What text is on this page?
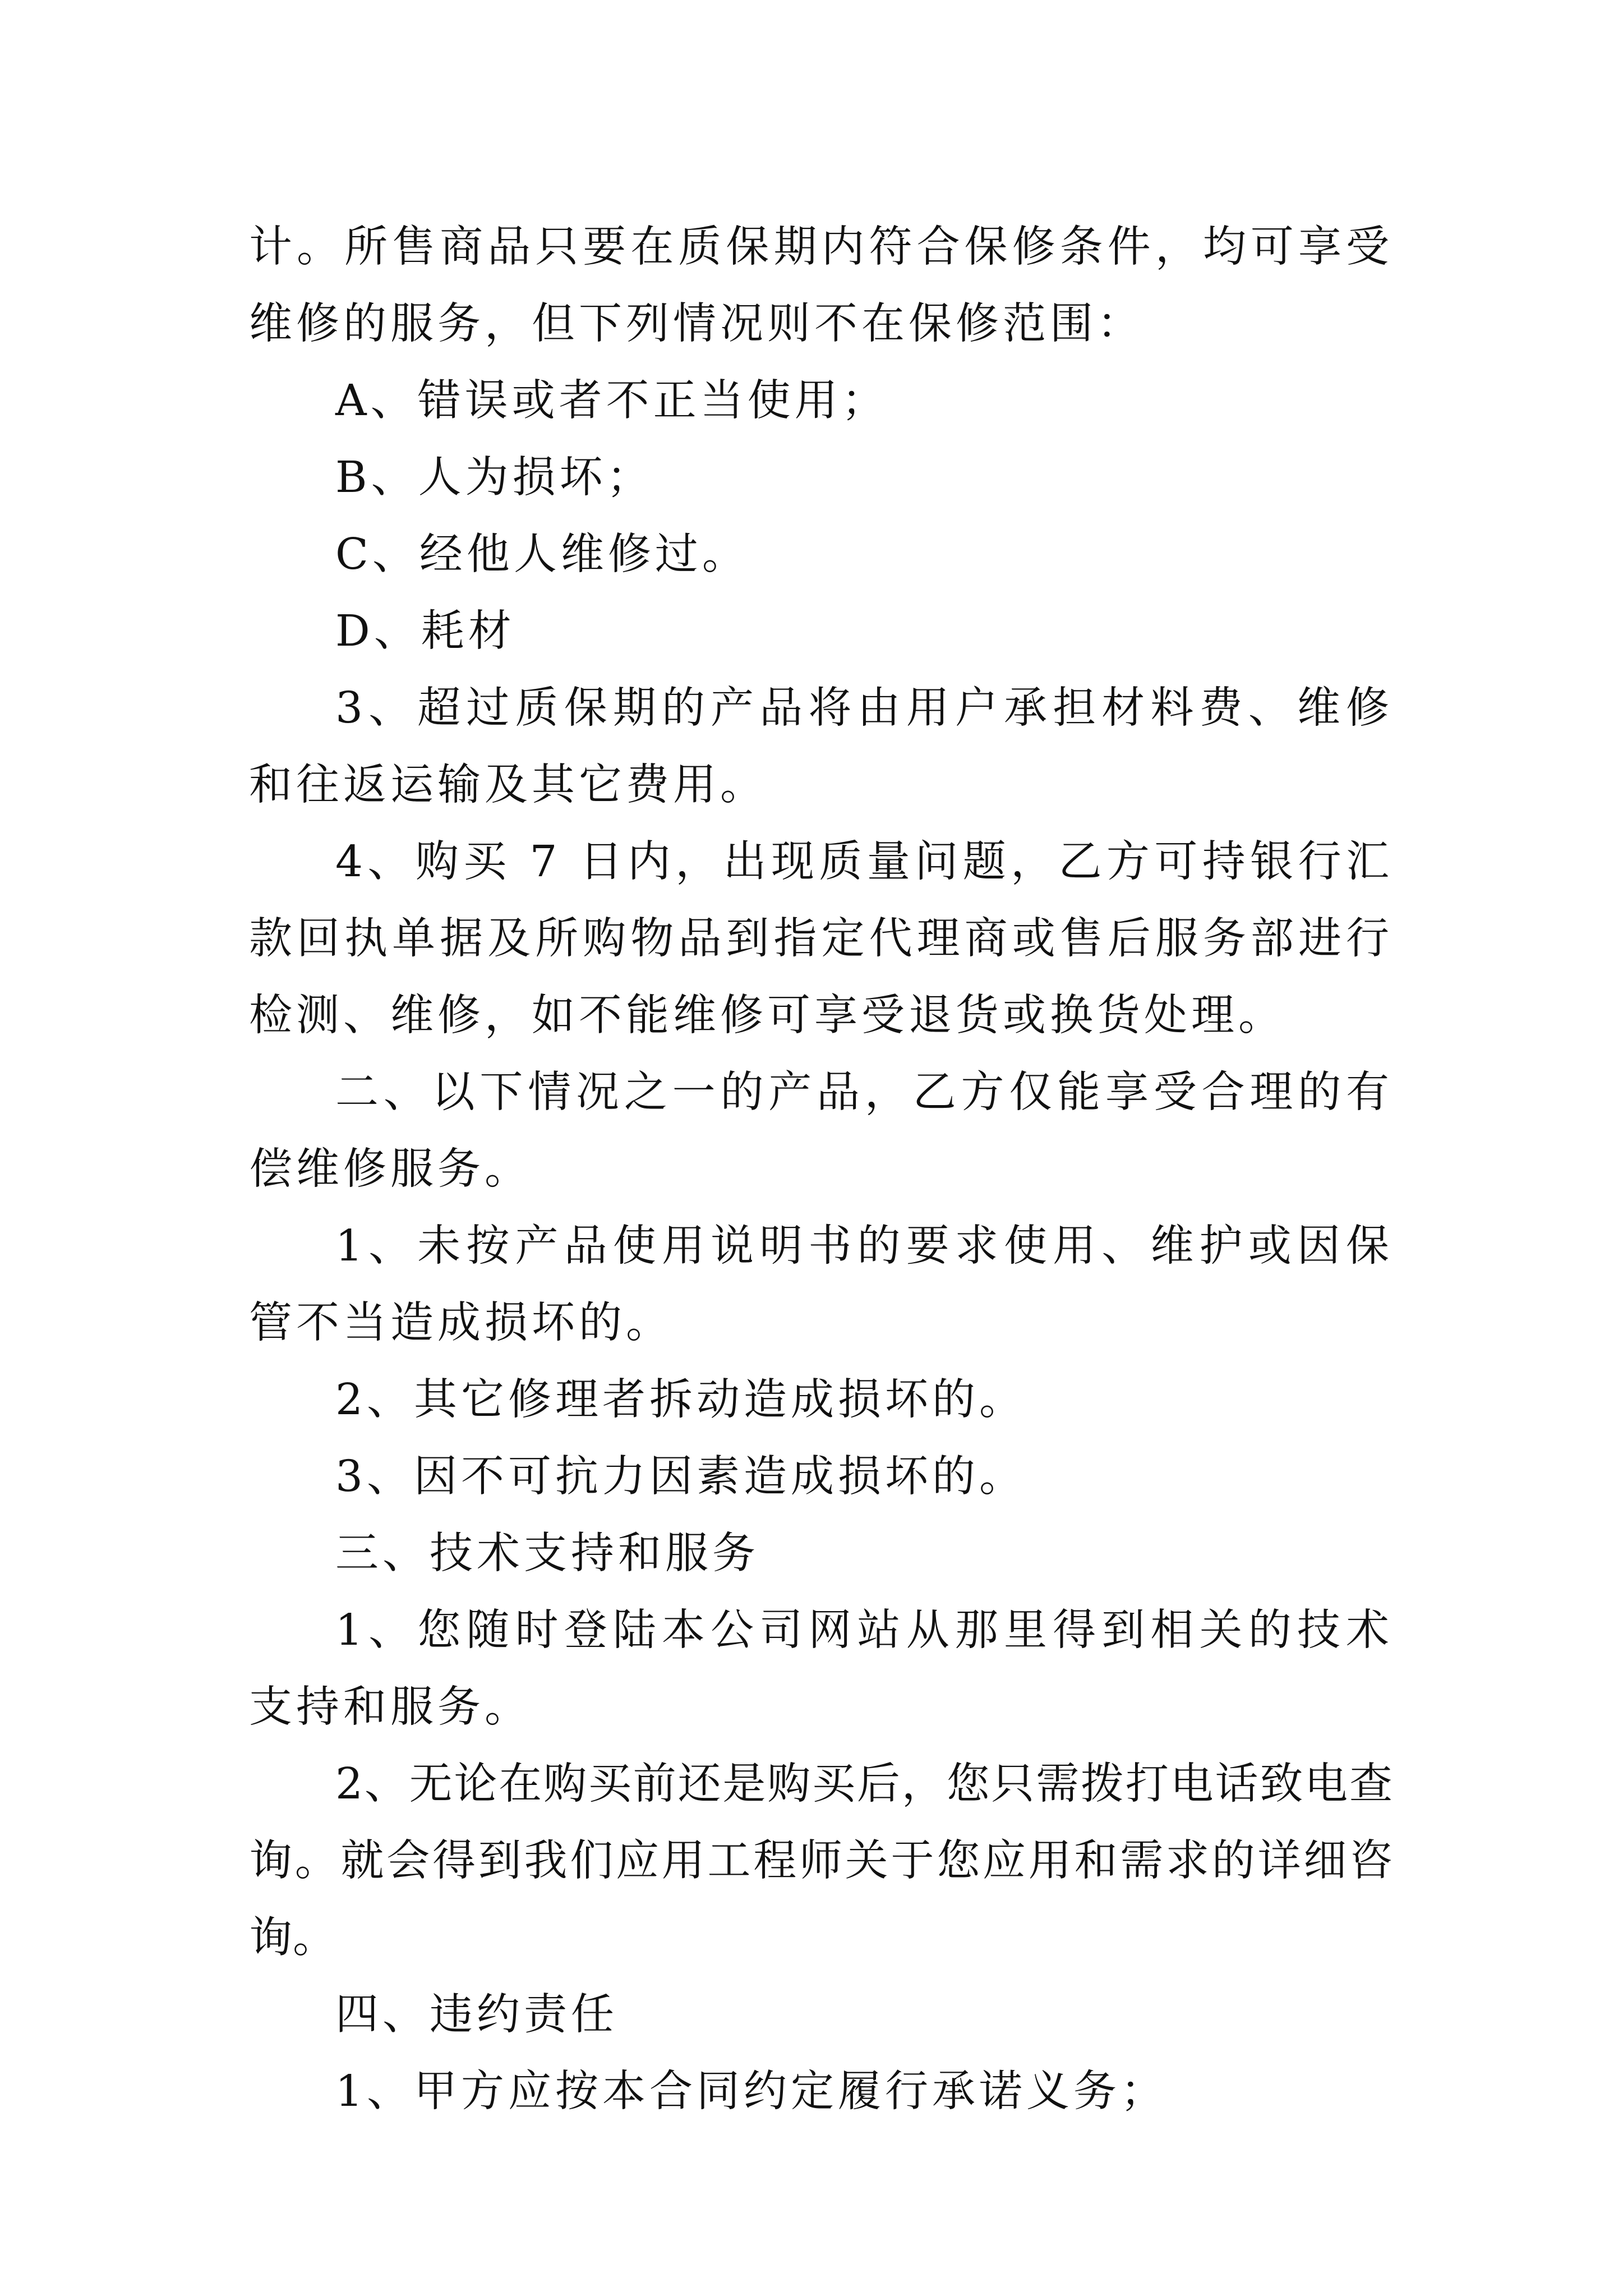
计。所售商品只要在质保期内符合保修条件，均可享受维修的服务，但下列情况则不在保修范围：

A、错误或者不正当使用；

B、人为损坏；

C、经他人维修过。

D、耗材

3、超过质保期的产品将由用户承担材料费、维修和往返运输及其它费用。

4、购买 7 日内，出现质量问题，乙方可持银行汇款回执单据及所购物品到指定代理商或售后服务部进行检测、维修，如不能维修可享受退货或换货处理。

二、以下情况之一的产品，乙方仅能享受合理的有偿维修服务。

1、未按产品使用说明书的要求使用、维护或因保管不当造成损坏的。

2、其它修理者拆动造成损坏的。

3、因不可抗力因素造成损坏的。

三、技术支持和服务

1、您随时登陆本公司网站从那里得到相关的技术支持和服务。

2、无论在购买前还是购买后，您只需拨打电话致电查询。就会得到我们应用工程师关于您应用和需求的详细咨询。

四、违约责任

1、甲方应按本合同约定履行承诺义务；
